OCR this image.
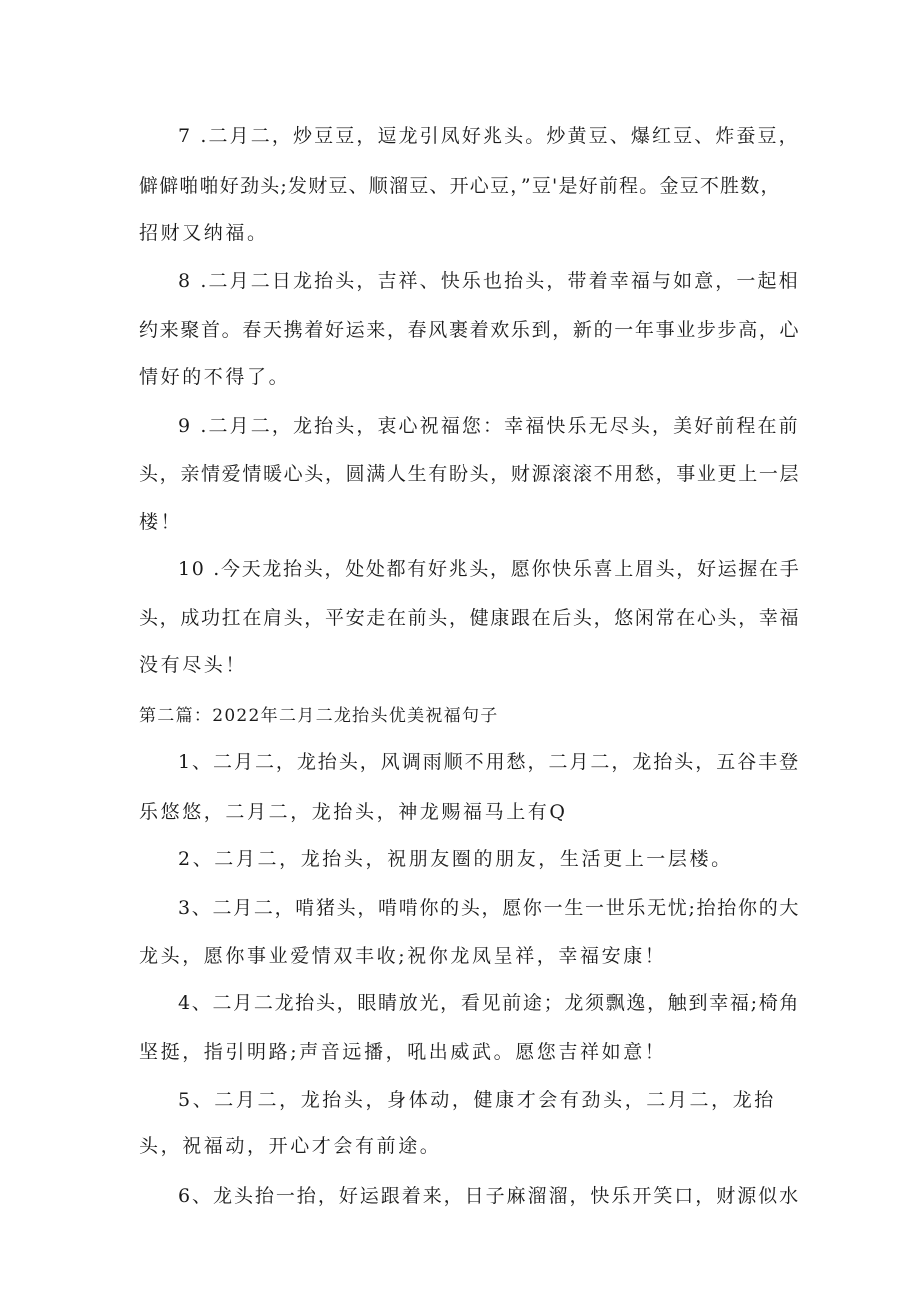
7 .二月二，炒豆豆，逗龙引凤好兆头。炒黄豆、爆红豆、炸蚕豆，

僻僻啪啪好劲头;发财豆、顺溜豆、开心豆，”豆'是好前程。金豆不胜数，

招财又纳福。

8 .二月二日龙抬头，吉祥、快乐也抬头，带着幸福与如意，一起相

约来聚首。春天携着好运来，春风裹着欢乐到，新的一年事业步步高，心

情好的不得了。

9 .二月二，龙抬头，衷心祝福您：幸福快乐无尽头，美好前程在前

头，亲情爱情暖心头，圆满人生有盼头，财源滚滚不用愁，事业更上一层

楼！

10 .今天龙抬头，处处都有好兆头，愿你快乐喜上眉头，好运握在手

头，成功扛在肩头，平安走在前头，健康跟在后头，悠闲常在心头，幸福

没有尽头！

第二篇：2022年二月二龙抬头优美祝福句子

1、二月二，龙抬头，风调雨顺不用愁，二月二，龙抬头，五谷丰登

乐悠悠，二月二，龙抬头，神龙赐福马上有Q

2、二月二，龙抬头，祝朋友圈的朋友，生活更上一层楼。

3、二月二，啃猪头，啃啃你的头，愿你一生一世乐无忧;抬抬你的大

龙头，愿你事业爱情双丰收;祝你龙凤呈祥，幸福安康！

4、二月二龙抬头，眼睛放光，看见前途；龙须飘逸，触到幸福;椅角

坚挺，指引明路;声音远播，吼出威武。愿您吉祥如意！

5、二月二，龙抬头，身体动，健康才会有劲头，二月二，龙抬

头，祝福动，开心才会有前途。

6、龙头抬一抬，好运跟着来，日子麻溜溜，快乐开笑口，财源似水
